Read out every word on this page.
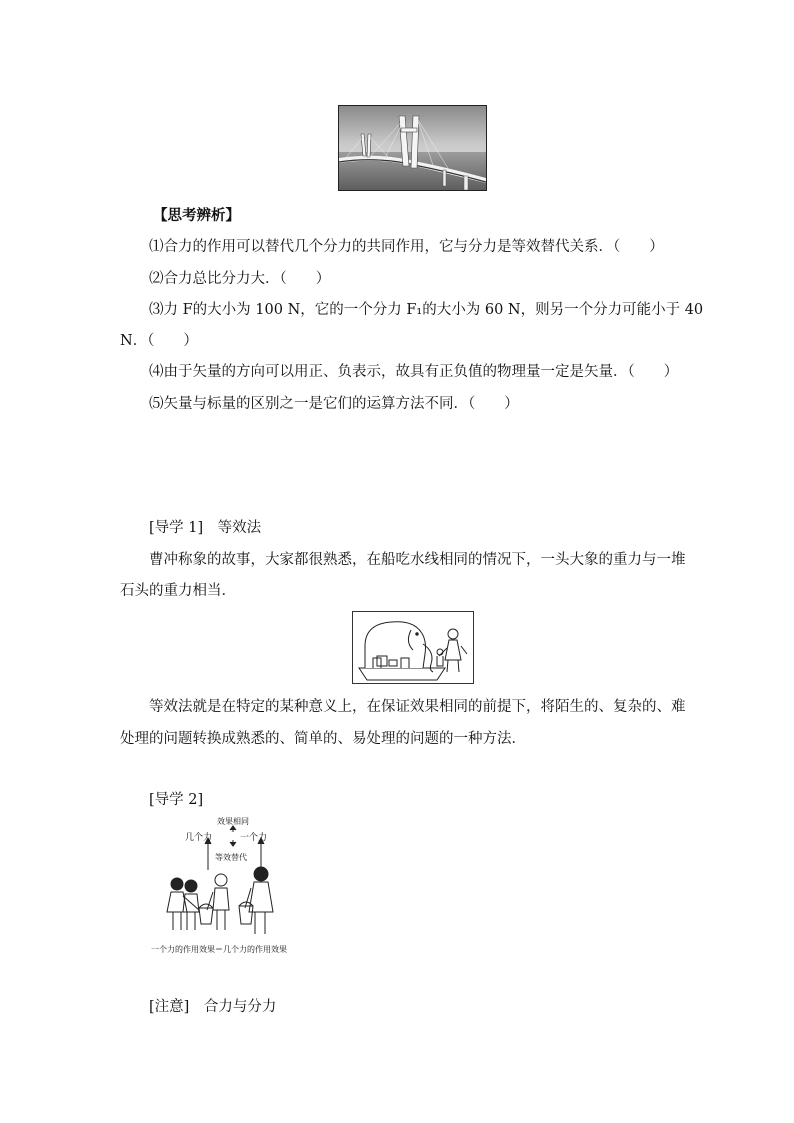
【思考辨析】
⑴合力的作用可以替代几个分力的共同作用，它与分力是等效替代关系．（　　）
⑵合力总比分力大．（　　）
⑶力 F的大小为 100 N，它的一个分力 F₁的大小为 60 N，则另一个分力可能小于 40
N．（　　）
⑷由于矢量的方向可以用正、负表示，故具有正负值的物理量一定是矢量．（　　）
⑸矢量与标量的区别之一是它们的运算方法不同．（　　）
[导学 1]　等效法
曹冲称象的故事，大家都很熟悉，在船吃水线相同的情况下，一头大象的重力与一堆
石头的重力相当．
等效法就是在特定的某种意义上，在保证效果相同的前提下，将陌生的、复杂的、难
处理的问题转换成熟悉的、简单的、易处理的问题的一种方法．
[导学 2]
效果相同
几个力	一个力
等效替代
一个力的作用效果＝几个力的作用效果
[注意]　合力与分力
